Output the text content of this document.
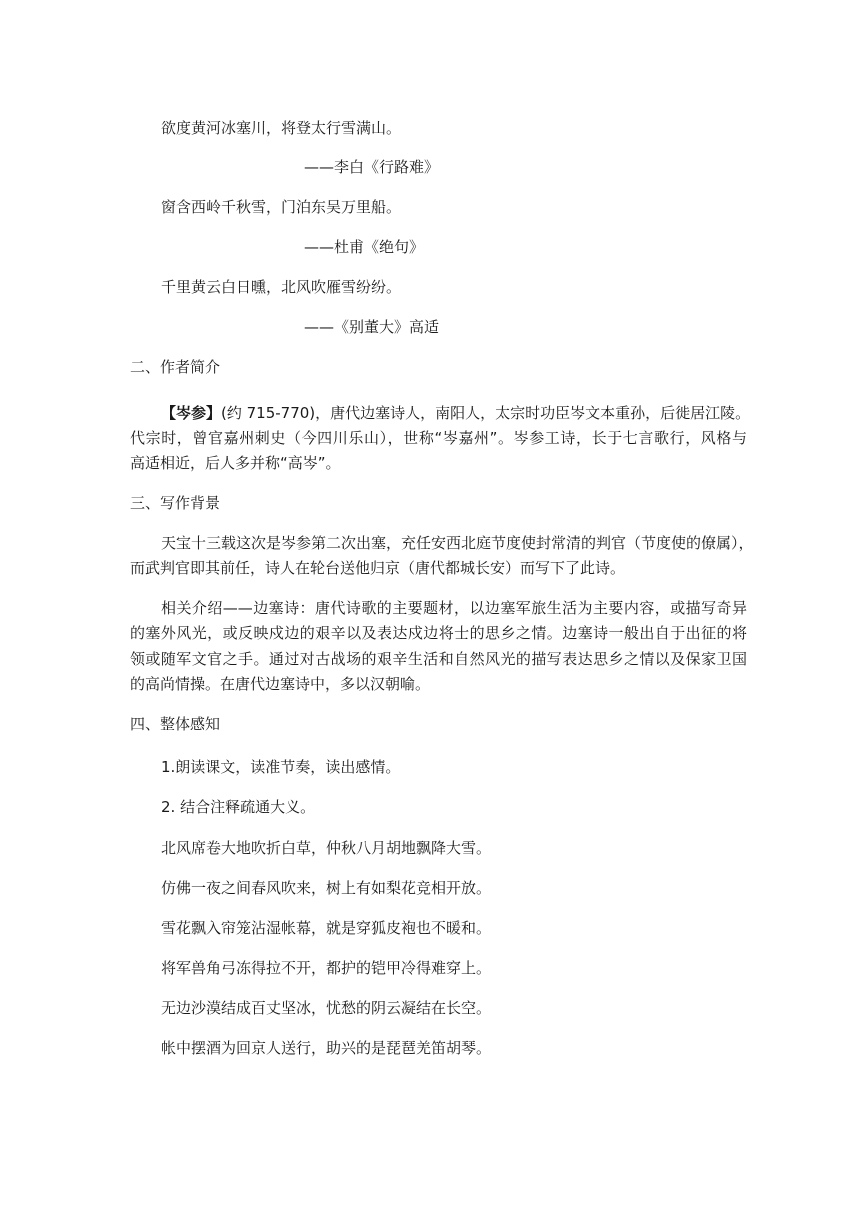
欲度黄河冰塞川，将登太行雪满山。
——李白《行路难》
窗含西岭千秋雪，门泊东吴万里船。
——杜甫《绝句》
千里黄云白日曛，北风吹雁雪纷纷。
——《别董大》高适
二、作者简介
【岑参】(约 715-770)，唐代边塞诗人，南阳人，太宗时功臣岑文本重孙，后徙居江陵。
代宗时，曾官嘉州刺史（今四川乐山），世称“岑嘉州”。岑参工诗，长于七言歌行，风格与
高适相近，后人多并称“高岑”。
三、写作背景
天宝十三载这次是岑参第二次出塞，充任安西北庭节度使封常清的判官（节度使的僚属），
而武判官即其前任，诗人在轮台送他归京（唐代都城长安）而写下了此诗。
相关介绍——边塞诗：唐代诗歌的主要题材，以边塞军旅生活为主要内容，或描写奇异
的塞外风光，或反映戍边的艰辛以及表达戍边将士的思乡之情。边塞诗一般出自于出征的将
领或随军文官之手。通过对古战场的艰辛生活和自然风光的描写表达思乡之情以及保家卫国
的高尚情操。在唐代边塞诗中，多以汉朝喻。
四、整体感知
1.朗读课文，读准节奏，读出感情。
2. 结合注释疏通大义。
北风席卷大地吹折白草，仲秋八月胡地飘降大雪。
仿佛一夜之间春风吹来，树上有如梨花竞相开放。
雪花飘入帘笼沾湿帐幕，就是穿狐皮袍也不暖和。
将军兽角弓冻得拉不开，都护的铠甲冷得难穿上。
无边沙漠结成百丈坚冰，忧愁的阴云凝结在长空。
帐中摆酒为回京人送行，助兴的是琵琶羌笛胡琴。
